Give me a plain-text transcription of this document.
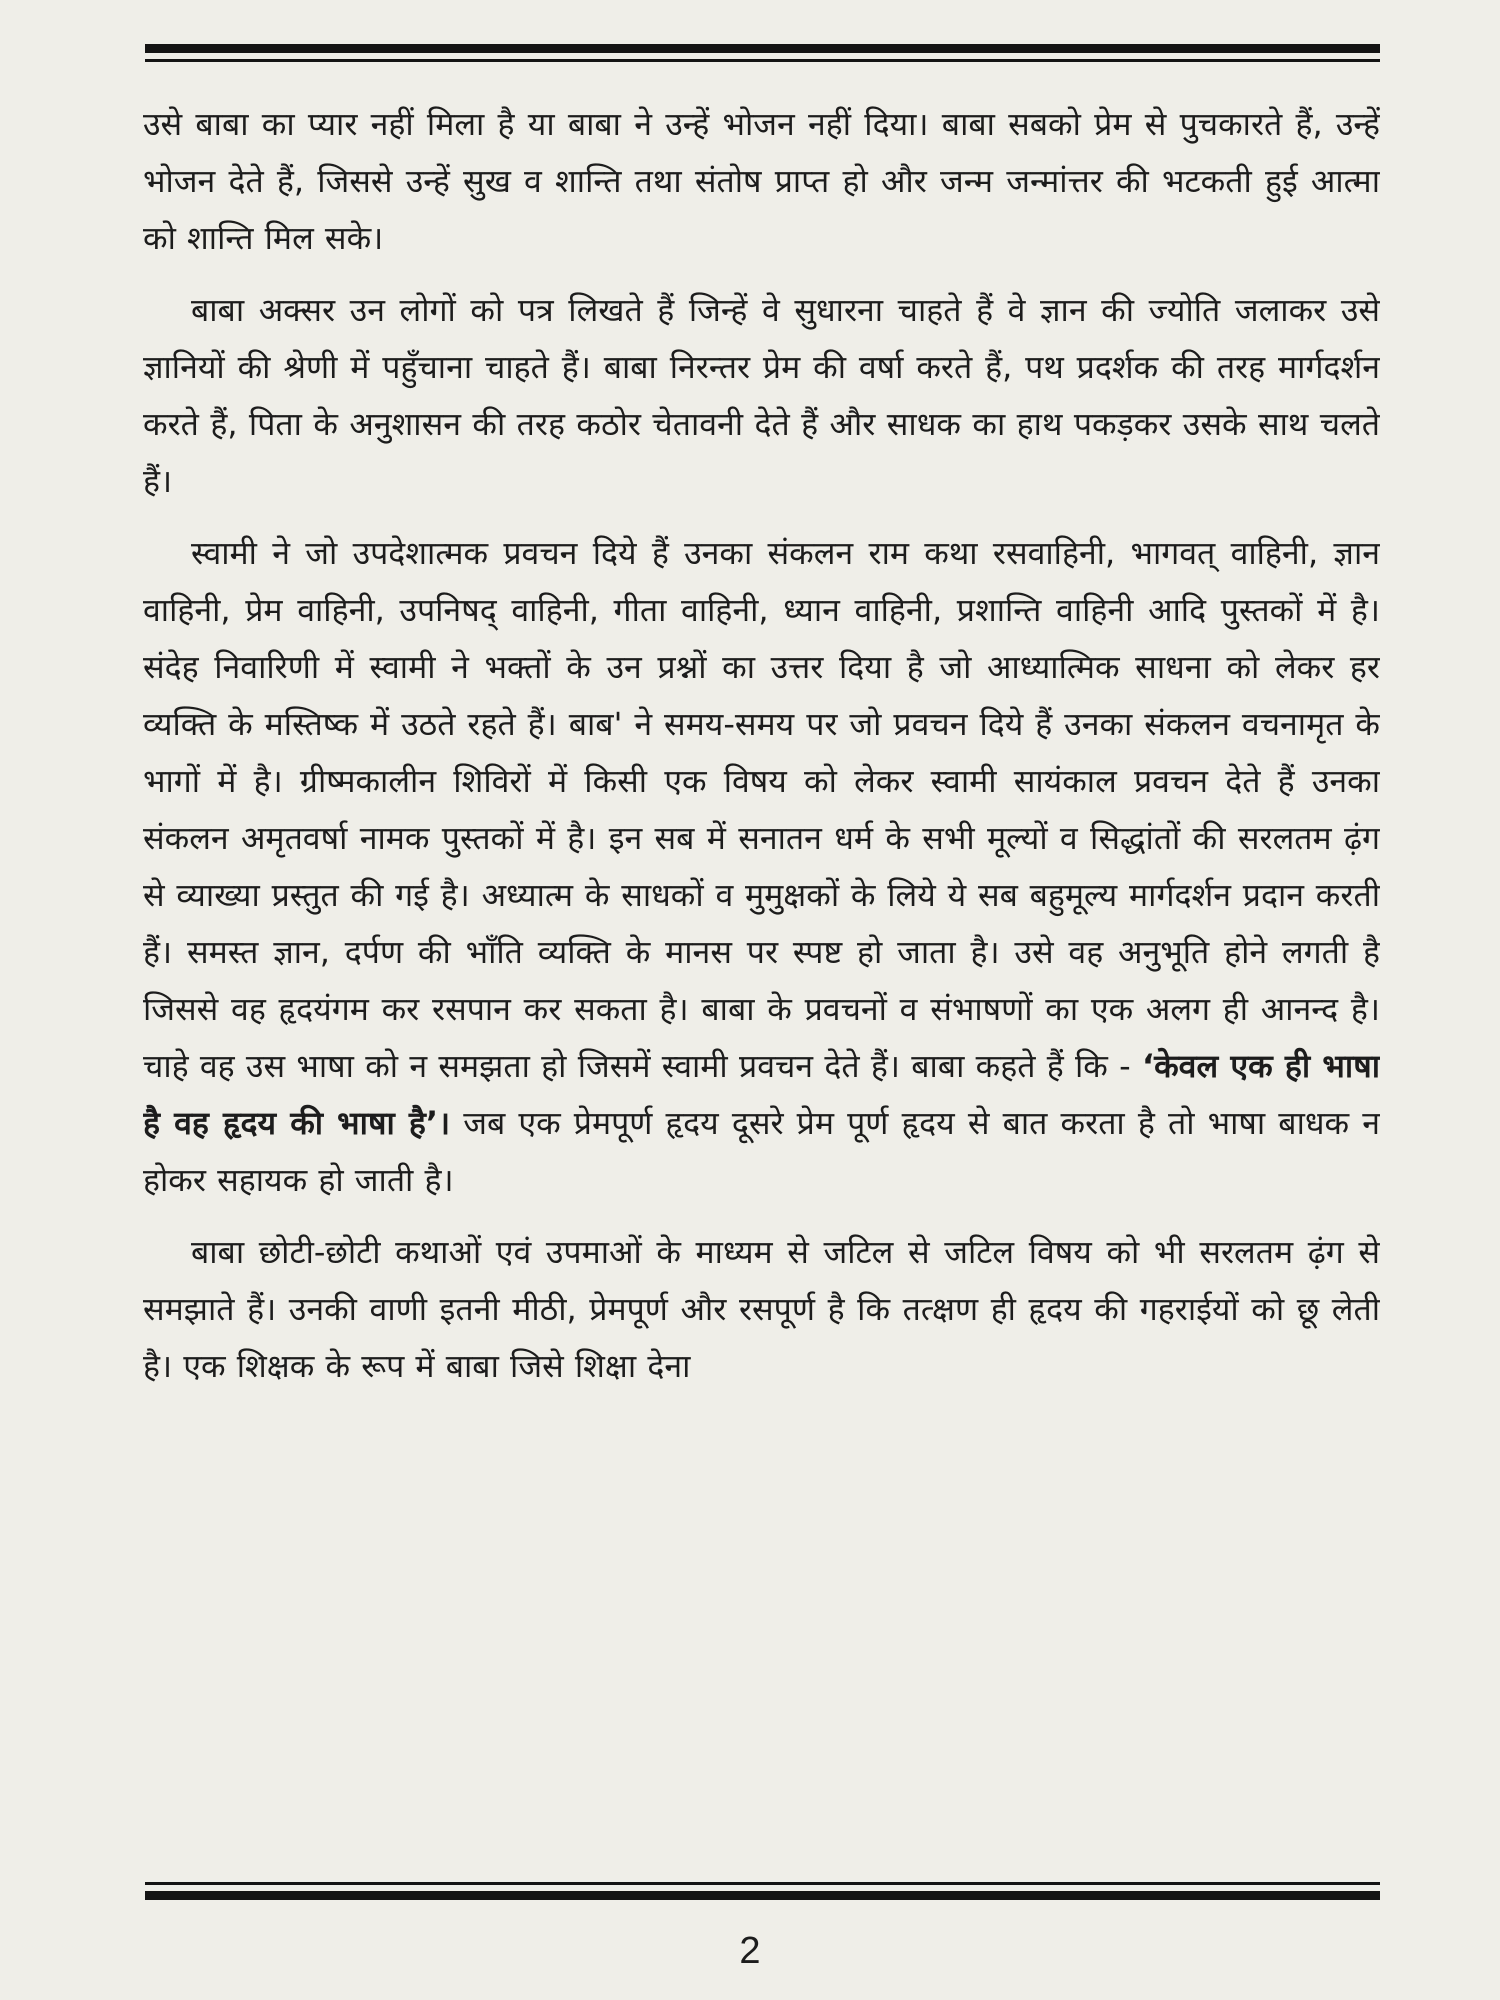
उसे बाबा का प्यार नहीं मिला है या बाबा ने उन्हें भोजन नहीं दिया। बाबा सबको प्रेम से पुचकारते हैं, उन्हें भोजन देते हैं, जिससे उन्हें सुख व शान्ति तथा संतोष प्राप्त हो और जन्म जन्मांत्तर की भटकती हुई आत्मा को शान्ति मिल सके।

बाबा अक्सर उन लोगों को पत्र लिखते हैं जिन्हें वे सुधारना चाहते हैं वे ज्ञान की ज्योति जलाकर उसे ज्ञानियों की श्रेणी में पहुँचाना चाहते हैं। बाबा निरन्तर प्रेम की वर्षा करते हैं, पथ प्रदर्शक की तरह मार्गदर्शन करते हैं, पिता के अनुशासन की तरह कठोर चेतावनी देते हैं और साधक का हाथ पकड़कर उसके साथ चलते हैं।

स्वामी ने जो उपदेशात्मक प्रवचन दिये हैं उनका संकलन राम कथा रसवाहिनी, भागवत् वाहिनी, ज्ञान वाहिनी, प्रेम वाहिनी, उपनिषद् वाहिनी, गीता वाहिनी, ध्यान वाहिनी, प्रशान्ति वाहिनी आदि पुस्तकों में है। संदेह निवारिणी में स्वामी ने भक्तों के उन प्रश्नों का उत्तर दिया है जो आध्यात्मिक साधना को लेकर हर व्यक्ति के मस्तिष्क में उठते रहते हैं। बाब' ने समय-समय पर जो प्रवचन दिये हैं उनका संकलन वचनामृत के भागों में है। ग्रीष्मकालीन शिविरों में किसी एक विषय को लेकर स्वामी सायंकाल प्रवचन देते हैं उनका संकलन अमृतवर्षा नामक पुस्तकों में है। इन सब में सनातन धर्म के सभी मूल्यों व सिद्धांतों की सरलतम ढ़ंग से व्याख्या प्रस्तुत की गई है। अध्यात्म के साधकों व मुमुक्षकों के लिये ये सब बहुमूल्य मार्गदर्शन प्रदान करती हैं। समस्त ज्ञान, दर्पण की भाँति व्यक्ति के मानस पर स्पष्ट हो जाता है। उसे वह अनुभूति होने लगती है जिससे वह हृदयंगम कर रसपान कर सकता है। बाबा के प्रवचनों व संभाषणों का एक अलग ही आनन्द है। चाहे वह उस भाषा को न समझता हो जिसमें स्वामी प्रवचन देते हैं। बाबा कहते हैं कि - ‘केवल एक ही भाषा है वह हृदय की भाषा है’। जब एक प्रेमपूर्ण हृदय दूसरे प्रेम पूर्ण हृदय से बात करता है तो भाषा बाधक न होकर सहायक हो जाती है।

बाबा छोटी-छोटी कथाओं एवं उपमाओं के माध्यम से जटिल से जटिल विषय को भी सरलतम ढ़ंग से समझाते हैं। उनकी वाणी इतनी मीठी, प्रेमपूर्ण और रसपूर्ण है कि तत्क्षण ही हृदय की गहराईयों को छू लेती है। एक शिक्षक के रूप में बाबा जिसे शिक्षा देना

2
